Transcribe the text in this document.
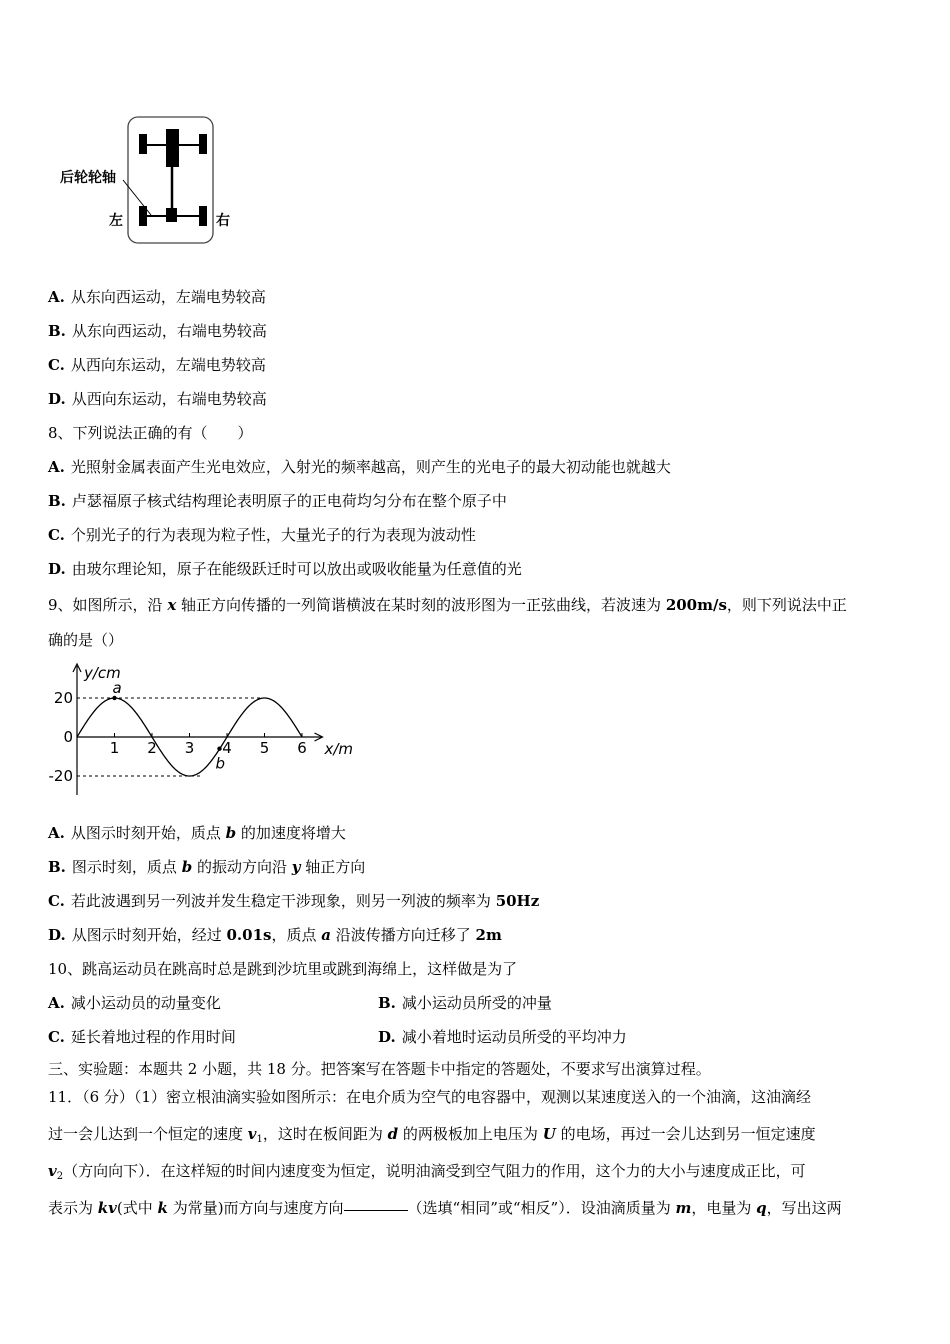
后轮轮轴
左	右
A. 从东向西运动，左端电势较高
B. 从东向西运动，右端电势较高
C. 从西向东运动，左端电势较高
D. 从西向东运动，右端电势较高
8、下列说法正确的有（　　）
A. 光照射金属表面产生光电效应，入射光的频率越高，则产生的光电子的最大初动能也就越大
B. 卢瑟福原子核式结构理论表明原子的正电荷均匀分布在整个原子中
C. 个别光子的行为表现为粒子性，大量光子的行为表现为波动性
D. 由玻尔理论知，原子在能级跃迁时可以放出或吸收能量为任意值的光
9、如图所示，沿 x 轴正方向传播的一列简谐横波在某时刻的波形图为一正弦曲线，若波速为 200m/s，则下列说法中正
确的是（）
1 2 3 4 5 6
20
0
-20
y/cm
x/m
a
b
A. 从图示时刻开始，质点 b 的加速度将增大
B. 图示时刻，质点 b 的振动方向沿 y 轴正方向
C. 若此波遇到另一列波并发生稳定干涉现象，则另一列波的频率为 50Hz
D. 从图示时刻开始，经过 0.01s，质点 a 沿波传播方向迁移了 2m
10、跳高运动员在跳高时总是跳到沙坑里或跳到海绵上，这样做是为了
A. 减小运动员的动量变化	B. 减小运动员所受的冲量
C. 延长着地过程的作用时间	D. 减小着地时运动员所受的平均冲力
三、实验题：本题共 2 小题，共 18 分。把答案写在答题卡中指定的答题处，不要求写出演算过程。
11．（6 分）（1）密立根油滴实验如图所示：在电介质为空气的电容器中，观测以某速度送入的一个油滴，这油滴经
过一会儿达到一个恒定的速度 $v_1$，这时在板间距为 d 的两极板加上电压为 U 的电场，再过一会儿达到另一恒定速度
$v_2$（方向向下）．在这样短的时间内速度变为恒定，说明油滴受到空气阻力的作用，这个力的大小与速度成正比，可
表示为 kv(式中 k 为常量)而方向与速度方向	（选填“相同”或“相反”）．设油滴质量为 m，电量为 q，写出这两
